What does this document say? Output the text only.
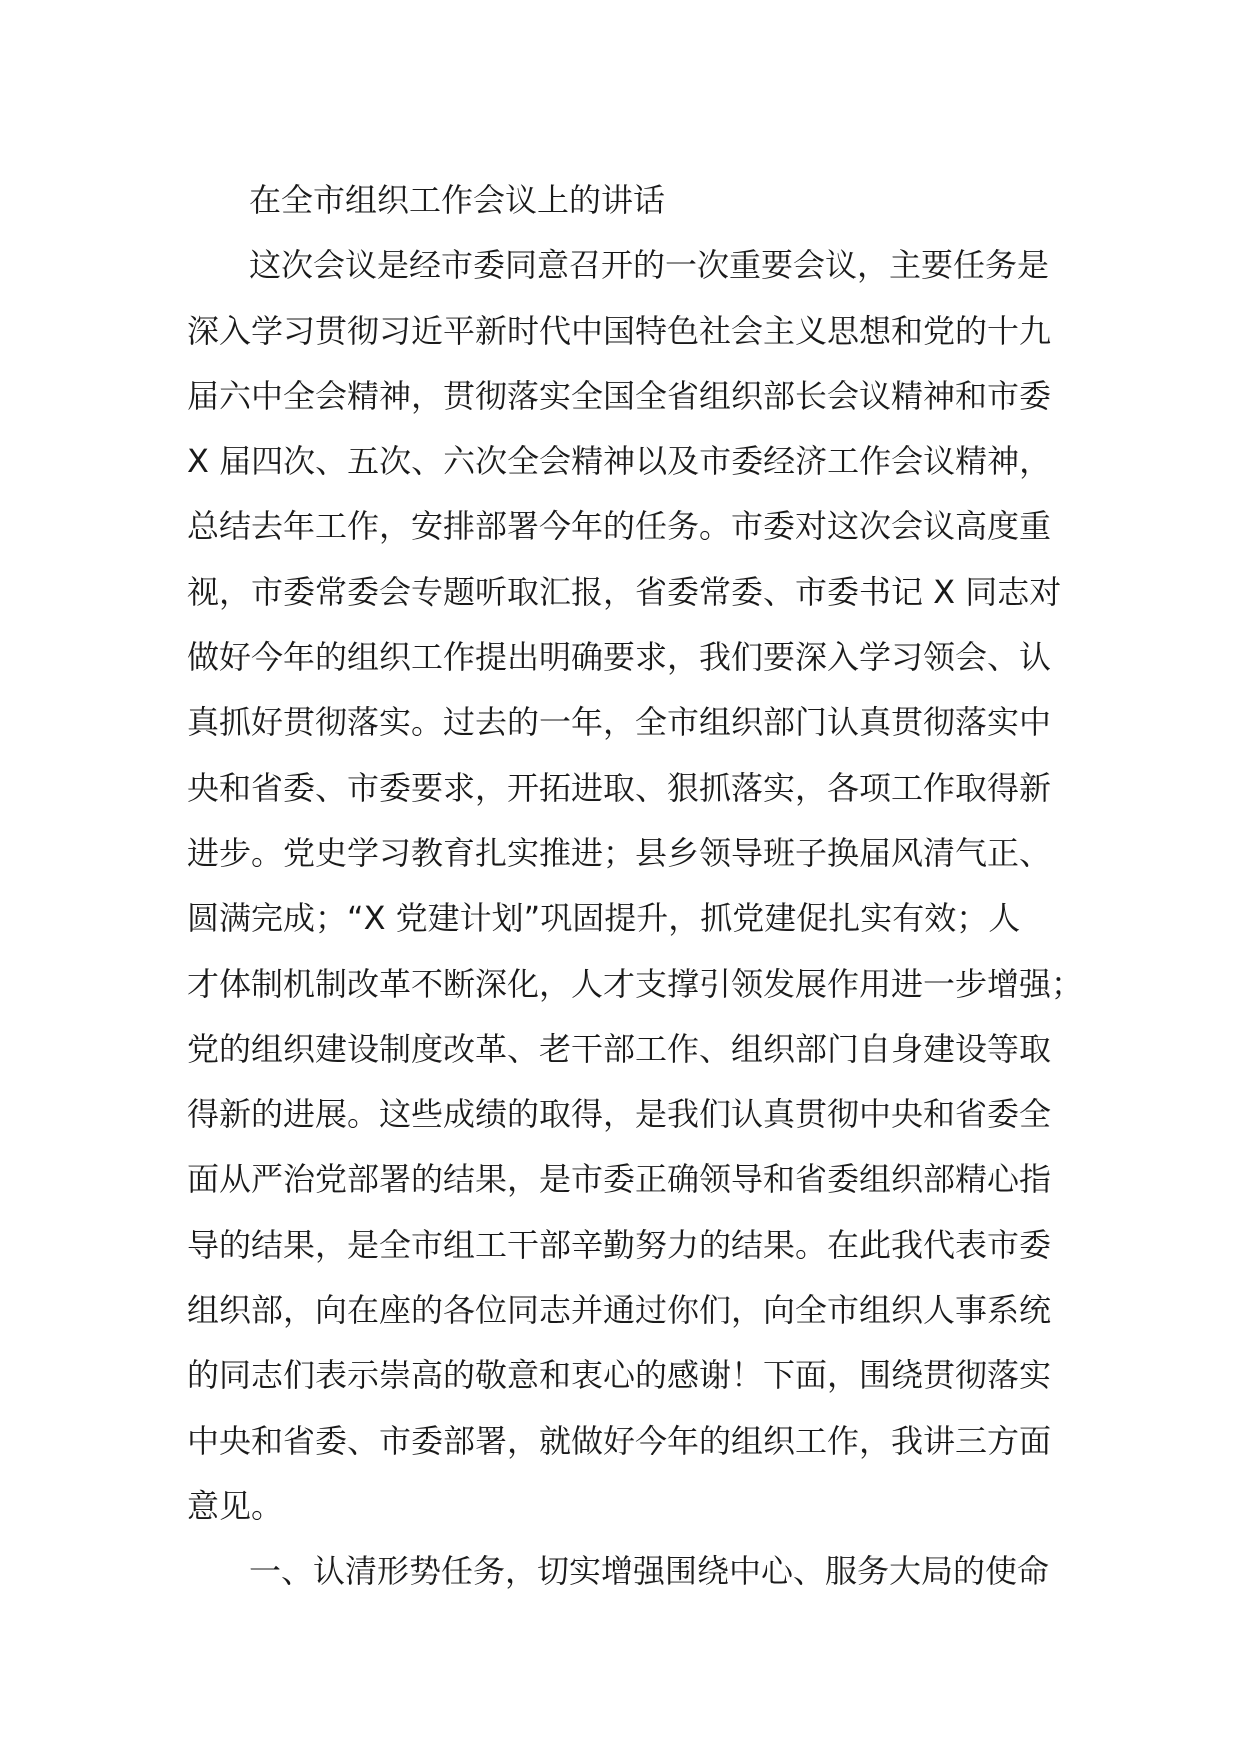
在全市组织工作会议上的讲话
这次会议是经市委同意召开的一次重要会议，主要任务是
深入学习贯彻习近平新时代中国特色社会主义思想和党的十九
届六中全会精神，贯彻落实全国全省组织部长会议精神和市委
X 届四次、五次、六次全会精神以及市委经济工作会议精神，
总结去年工作，安排部署今年的任务。市委对这次会议高度重
视，市委常委会专题听取汇报，省委常委、市委书记 X 同志对
做好今年的组织工作提出明确要求，我们要深入学习领会、认
真抓好贯彻落实。过去的一年，全市组织部门认真贯彻落实中
央和省委、市委要求，开拓进取、狠抓落实，各项工作取得新
进步。党史学习教育扎实推进；县乡领导班子换届风清气正、
圆满完成；“X 党建计划”巩固提升，抓党建促扎实有效；人
才体制机制改革不断深化，人才支撑引领发展作用进一步增强；
党的组织建设制度改革、老干部工作、组织部门自身建设等取
得新的进展。这些成绩的取得，是我们认真贯彻中央和省委全
面从严治党部署的结果，是市委正确领导和省委组织部精心指
导的结果，是全市组工干部辛勤努力的结果。在此我代表市委
组织部，向在座的各位同志并通过你们，向全市组织人事系统
的同志们表示崇高的敬意和衷心的感谢！下面，围绕贯彻落实
中央和省委、市委部署，就做好今年的组织工作，我讲三方面
意见。
一、认清形势任务，切实增强围绕中心、服务大局的使命
